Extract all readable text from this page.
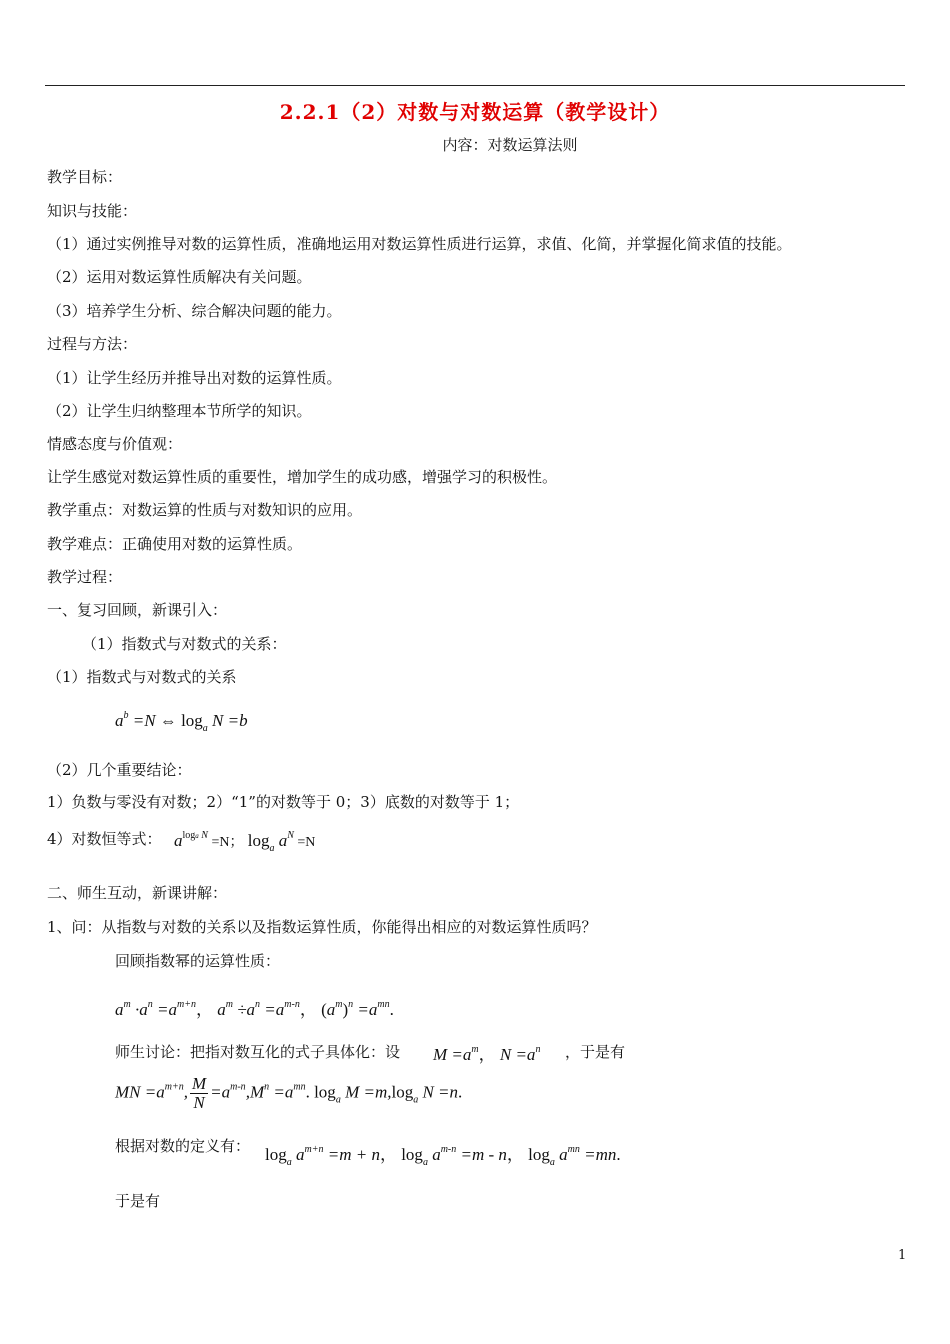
2.2.1（2）对数与对数运算（教学设计）
内容：对数运算法则
教学目标：
知识与技能：
（1）通过实例推导对数的运算性质，准确地运用对数运算性质进行运算，求值、化简，并掌握化简求值的技能。
（2）运用对数运算性质解决有关问题。
（3）培养学生分析、综合解决问题的能力。
过程与方法：
（1）让学生经历并推导出对数的运算性质。
（2）让学生归纳整理本节所学的知识。
情感态度与价值观：
让学生感觉对数运算性质的重要性，增加学生的成功感，增强学习的积极性。
教学重点：对数运算的性质与对数知识的应用。
教学难点：正确使用对数的运算性质。
教学过程：
一、复习回顾，新课引入：
（1）指数式与对数式的关系：
（1）指数式与对数式的关系
$a^b =N$ ⇔ $\log_a N =b$
（2）几个重要结论：
1）负数与零没有对数；2）“1”的对数等于 0；3）底数的对数等于 1；
4）对数恒等式： $a^{loga N} =N$； $\log_a a^N =N$
二、师生互动，新课讲解：
1、问：从指数与对数的关系以及指数运算性质，你能得出相应的对数运算性质吗？
回顾指数幂的运算性质：
$a^m \cdot a^n =a^{m+n}$， $a^m \div a^n =a^{m-n}$， $(a^m)^n =a^{mn}$.
师生讨论：把指对数互化的式子具体化：设 $M =a^m$， $N =a^n$ ，于是有
MN $=a^{m+n}$, $\frac{M}{N} =a^{m-n},M^n =a^{mn}$. $\log_a M =m,\log_a$ N =n.
根据对数的定义有： $\log_a a^{m+n} =m + n$， $\log_a a^{m-n} =m - n$， $\log_a a^{mn} =mn$.
于是有
1
